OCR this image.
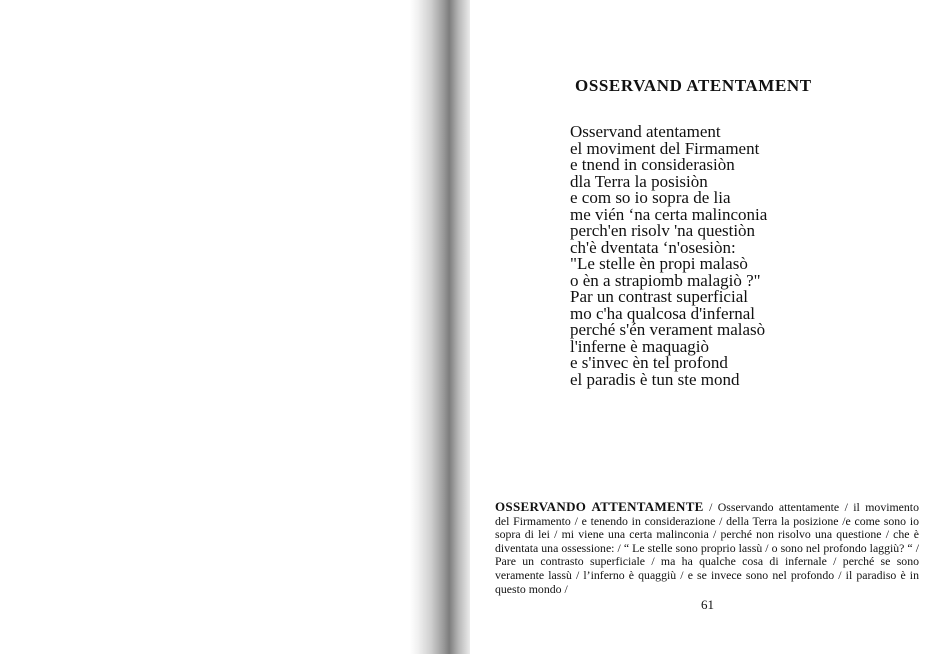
OSSERVAND ATENTAMENT
Osservand atentament
el moviment del Firmament
e tnend in considerasiòn
dla Terra la posisiòn
e com so io sopra de lia
me vién ‘na certa malinconia
perch'en risolv 'na questiòn
ch'è dventata ‘n'osesiòn:
"Le stelle èn propi malasò
o èn a strapiomb malagiò ?"
Par un contrast superficial
mo c'ha qualcosa d'infernal
perché s'én verament malasò
l'inferne è maquagiò
e s'invec èn tel profond
el paradis è tun ste mond
OSSERVANDO ATTENTAMENTE / Osservando attentamente / il movimento del Firmamento / e tenendo in considerazione / della Terra la posizione /e come sono io sopra di lei / mi viene una certa malinconia / perché non risolvo una questione / che è diventata una ossessione: / “ Le stelle sono proprio lassù / o sono nel profondo laggiù? “ / Pare un contrasto superficiale / ma ha qualche cosa di infernale / perché se sono veramente lassù / l’inferno è quaggiù / e se invece sono nel profondo / il paradiso è in questo mondo /
61
